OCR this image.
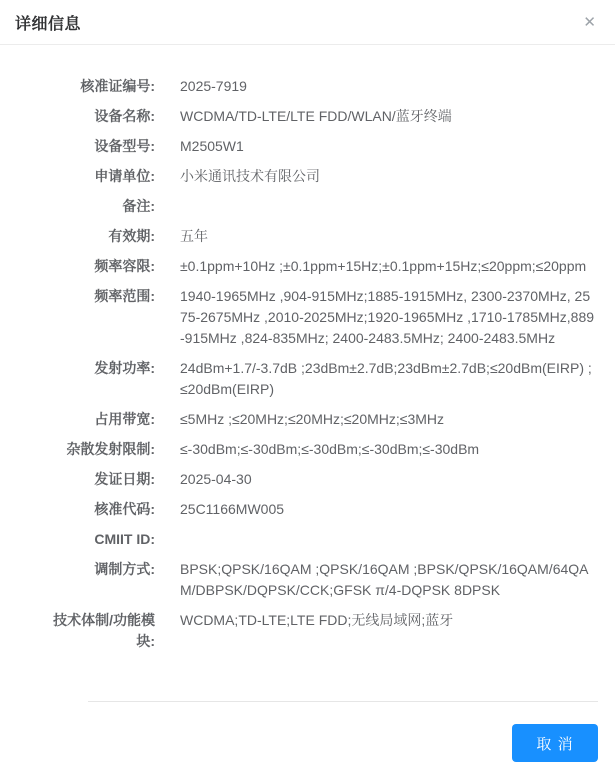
详细信息	✕
核准证编号: 2025-7919
设备名称: WCDMA/TD-LTE/LTE FDD/WLAN/蓝牙终端
设备型号: M2505W1
申请单位: 小米通讯技术有限公司
备注:
有效期: 五年
频率容限: ±0.1ppm+10Hz ;±0.1ppm+15Hz;±0.1ppm+15Hz;≤20ppm;≤20ppm
频率范围: 1940-1965MHz ,904-915MHz;1885-1915MHz, 2300-2370MHz, 2575-2675MHz ,2010-2025MHz;1920-1965MHz ,1710-1785MHz,889-915MHz ,824-835MHz; 2400-2483.5MHz; 2400-2483.5MHz
发射功率: 24dBm+1.7/-3.7dB ;23dBm±2.7dB;23dBm±2.7dB;≤20dBm(EIRP) ;≤20dBm(EIRP)
占用带宽: ≤5MHz ;≤20MHz;≤20MHz;≤20MHz;≤3MHz
杂散发射限制: ≤-30dBm;≤-30dBm;≤-30dBm;≤-30dBm;≤-30dBm
发证日期: 2025-04-30
核准代码: 25C1166MW005
CMIIT ID:
调制方式: BPSK;QPSK/16QAM ;QPSK/16QAM ;BPSK/QPSK/16QAM/64QAM/DBPSK/DQPSK/CCK;GFSK π/4-DQPSK 8DPSK
技术体制/功能模块:
WCDMA;TD-LTE;LTE FDD;无线局域网;蓝牙
取 消
